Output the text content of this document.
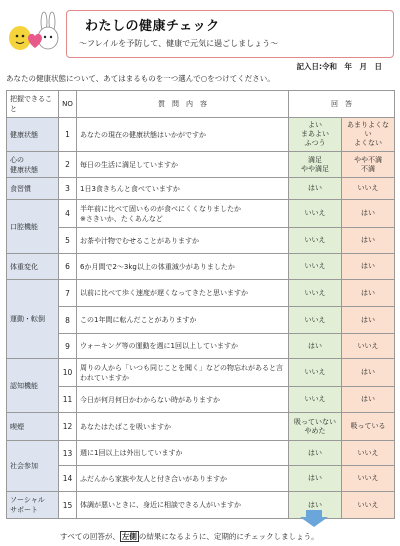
わたしの健康チェック
〜フレイルを予防して、健康で元気に過ごしましょう〜
記入日:令和　年　月　日
あなたの健康状態について、あてはまるものを一つ選んで○をつけてください。
把握できること	NO	質　問　内　容	回　答	
健康状態	1	あなたの現在の健康状態はいかがですか	よい
まあよい
ふつう	あまりよくない
よくない
心の
健康状態	2	毎日の生活に満足していますか	満足
やや満足	やや不満
不満
食習慣	3	1日3食きちんと食べていますか	はい	いいえ
口腔機能	4	半年前に比べて固いものが食べにくくなりましたか
※さきいか、たくあんなど	いいえ	はい
	5	お茶や汁物でむせることがありますか	いいえ	はい
体重変化	6	6か月間で2〜3kg以上の体重減少がありましたか	いいえ	はい
運動・転倒	7	以前に比べて歩く速度が遅くなってきたと思いますか	いいえ	はい
	8	この1年間に転んだことがありますか	いいえ	はい
	9	ウォーキング等の運動を週に1回以上していますか	はい	いいえ
認知機能	10	周りの人から「いつも同じことを聞く」などの物忘れがあると言われていますか	いいえ	はい
	11	今日が何月何日かわからない時がありますか	いいえ	はい
喫煙	12	あなたはたばこを吸いますか	吸っていない
やめた	吸っている
社会参加	13	週に1回以上は外出していますか	はい	いいえ
	14	ふだんから家族や友人と付き合いがありますか	はい	いいえ
ソーシャル
サポート	15	体調が悪いときに、身近に相談できる人がいますか	はい	いいえ
すべての回答が、 左側 の結果になるように、定期的にチェックしましょう。
